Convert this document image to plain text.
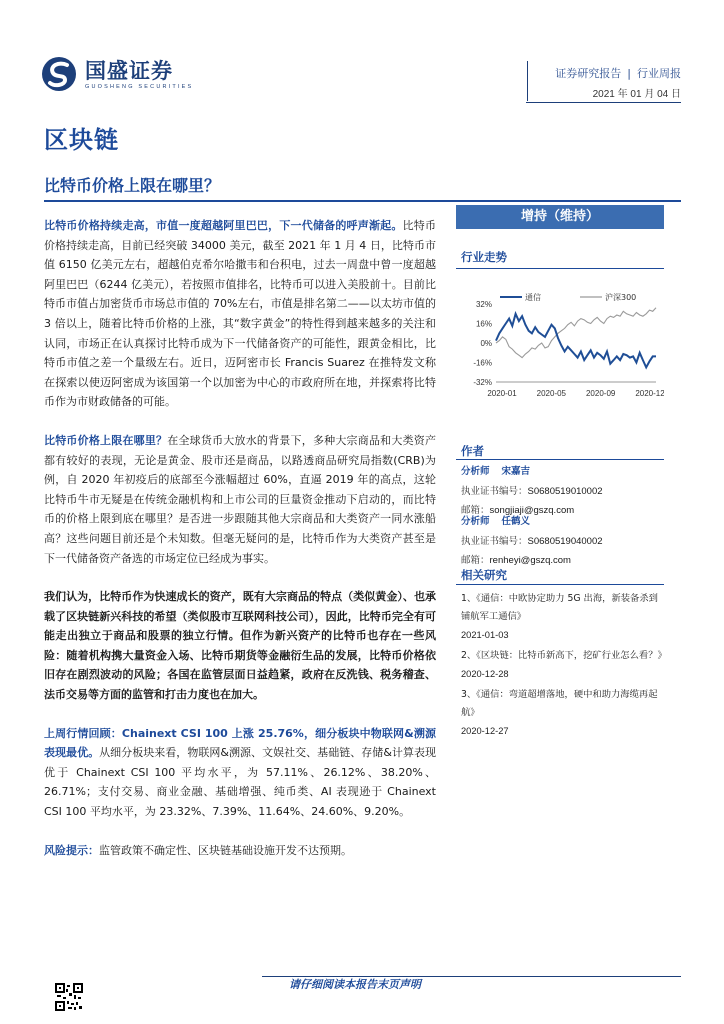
国盛证券
GUOSHENG SECURITIES
证券研究报告 | 行业周报
2021 年 01 月 04 日
区块链
比特币价格上限在哪里？
比特币价格持续走高，市值一度超越阿里巴巴，下一代储备的呼声渐起。比特币价格持续走高，目前已经突破 34000 美元，截至 2021 年 1 月 4 日，比特币市值 6150 亿美元左右，超越伯克希尔哈撒韦和台积电，过去一周盘中曾一度超越阿里巴巴（6244 亿美元），若按照市值排名，比特币可以进入美股前十。目前比特币市值占加密货币市场总市值的 70%左右，市值是排名第二——以太坊市值的 3 倍以上，随着比特币价格的上涨，其“数字黄金”的特性得到越来越多的关注和认同，市场正在认真探讨比特币成为下一代储备资产的可能性，跟黄金相比，比特币市值之差一个量级左右。近日，迈阿密市长 Francis Suarez 在推特发文称在探索以使迈阿密成为该国第一个以加密为中心的市政府所在地，并探索将比特币作为市财政储备的可能。
比特币价格上限在哪里？在全球货币大放水的背景下，多种大宗商品和大类资产都有较好的表现，无论是黄金、股市还是商品，以路透商品研究局指数(CRB)为例，自 2020 年初疫后的底部至今涨幅超过 60%，直逼 2019 年的高点，这轮比特币牛市无疑是在传统金融机构和上市公司的巨量资金推动下启动的，而比特币的价格上限到底在哪里？是否进一步跟随其他大宗商品和大类资产一同水涨船高？这些问题目前还是个未知数。但毫无疑问的是，比特币作为大类资产甚至是下一代储备资产备选的市场定位已经成为事实。
我们认为，比特币作为快速成长的资产，既有大宗商品的特点（类似黄金）、也承载了区块链新兴科技的希望（类似股市互联网科技公司），因此，比特币完全有可能走出独立于商品和股票的独立行情。但作为新兴资产的比特币也存在一些风险：随着机构携大量资金入场、比特币期货等金融衍生品的发展，比特币价格依旧存在剧烈波动的风险；各国在监管层面日益趋紧，政府在反洗钱、税务稽查、法币交易等方面的监管和打击力度也在加大。
上周行情回顾：Chainext CSI 100 上涨 25.76%，细分板块中物联网&溯源表现最优。从细分板块来看，物联网&溯源、文娱社交、基础链、存储&计算表现优于 Chainext CSI 100 平均水平，为 57.11%、26.12%、38.20%、26.71%；支付交易、商业金融、基础增强、纯币类、AI 表现逊于 Chainext CSI 100 平均水平，为 23.32%、7.39%、11.64%、24.60%、9.20%。
风险提示：监管政策不确定性、区块链基础设施开发不达预期。
增持（维持）
行业走势
32%
16%
0%
-16%
-32%
2020-01 2020-05 2020-09 2020-12
通信	沪深300
作者
分析师 宋嘉吉
执业证书编号：S0680519010002
邮箱：songjiaji@gszq.com
分析师 任鹤义
执业证书编号：S0680519040002
邮箱：renheyi@gszq.com
相关研究
1、《通信：中欧协定助力 5G 出海，新装备杀到铺航军工通信》
2021-01-03
2、《区块链：比特币新高下，挖矿行业怎么看？》
2020-12-28
3、《通信：弯道超增落地，硬中和助力海缆再起航》
2020-12-27
请仔细阅读本报告末页声明
